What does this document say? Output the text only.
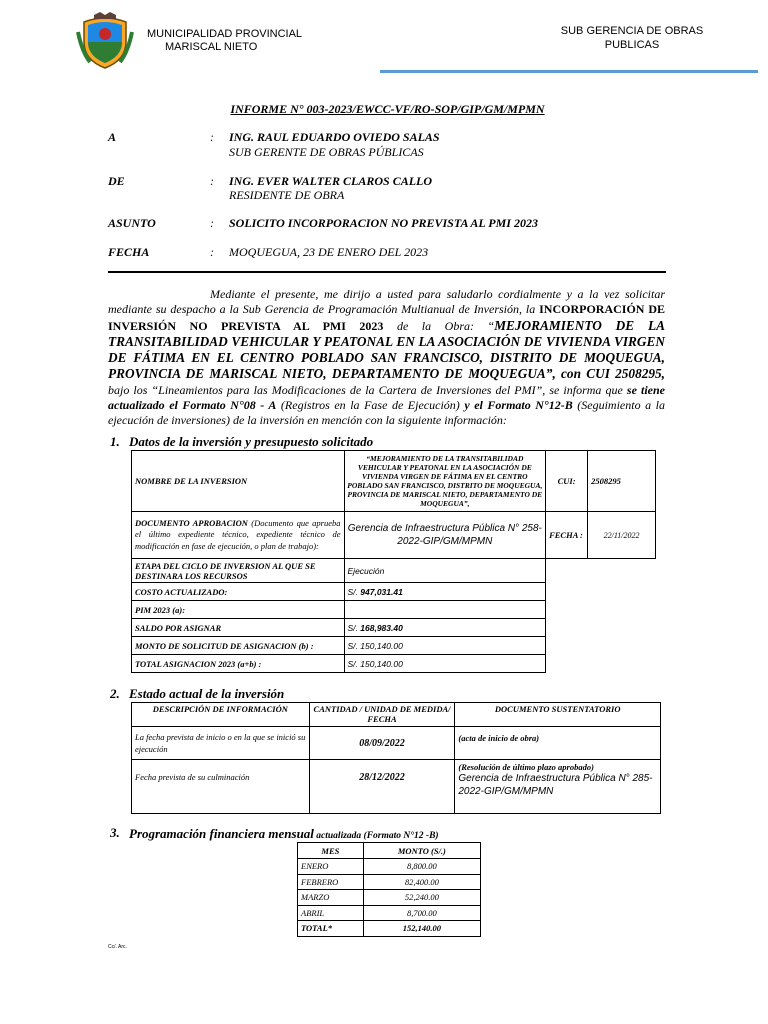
MUNICIPALIDAD PROVINCIAL
MARISCAL NIETO
SUB GERENCIA DE OBRAS
PUBLICAS
INFORME N° 003-2023/EWCC-VF/RO-SOP/GIP/GM/MPMN
A	: ING. RAUL EDUARDO OVIEDO SALAS
SUB GERENTE DE OBRAS PÚBLICAS
DE	: ING. EVER WALTER CLAROS CALLO
RESIDENTE DE OBRA
ASUNTO	: SOLICITO INCORPORACION NO PREVISTA AL PMI 2023
FECHA	: MOQUEGUA, 23 DE ENERO DEL 2023
Mediante el presente, me dirijo a usted para saludarlo cordialmente y a la vez solicitar mediante su despacho a la Sub Gerencia de Programación Multianual de Inversión, la INCORPORACIÓN DE INVERSIÓN NO PREVISTA AL PMI 2023 de la Obra: “MEJORAMIENTO DE LA TRANSITABILIDAD VEHICULAR Y PEATONAL EN LA ASOCIACIÓN DE VIVIENDA VIRGEN DE FÁTIMA EN EL CENTRO POBLADO SAN FRANCISCO, DISTRITO DE MOQUEGUA, PROVINCIA DE MARISCAL NIETO, DEPARTAMENTO DE MOQUEGUA”, con CUI 2508295, bajo los “Lineamientos para las Modificaciones de la Cartera de Inversiones del PMI”, se informa que se tiene actualizado el Formato N°08 - A (Registros en la Fase de Ejecución) y el Formato N°12-B (Seguimiento a la ejecución de inversiones) de la inversión en mención con la siguiente información:
1. Datos de la inversión y presupuesto solicitado
NOMBRE DE LA INVERSION	“MEJORAMIENTO DE LA TRANSITABILIDAD VEHICULAR Y PEATONAL EN LA ASOCIACIÓN DE VIVIENDA VIRGEN DE FÁTIMA EN EL CENTRO POBLADO SAN FRANCISCO, DISTRITO DE MOQUEGUA, PROVINCIA DE MARISCAL NIETO, DEPARTAMENTO DE MOQUEGUA”,	CUI:	2508295
DOCUMENTO APROBACION (Documento que aprueba el último expediente técnico, expediente técnico de modificación en fase de ejecución, o plan de trabajo):	Gerencia de Infraestructura Pública N° 258-2022-GIP/GM/MPMN	FECHA :	22/11/2022
ETAPA DEL CICLO DE INVERSION AL QUE SE DESTINARA LOS RECURSOS	Ejecución		
COSTO ACTUALIZADO:	S/. 947,031.41		
PIM 2023 (a):			
SALDO POR ASIGNAR	S/. 168,983.40		
MONTO DE SOLICITUD DE ASIGNACION (b) :	S/. 150,140.00		
TOTAL ASIGNACION 2023 (a+b) :	S/. 150,140.00		
2. Estado actual de la inversión
DESCRIPCIÓN DE INFORMACIÓN	CANTIDAD / UNIDAD DE MEDIDA/ FECHA	DOCUMENTO SUSTENTATORIO
La fecha prevista de inicio o en la que se inició su ejecución	08/09/2022	(acta de inicio de obra)

Fecha prevista de su culminación	28/12/2022	(Resolución de último plazo aprobado)
Gerencia de Infraestructura Pública N° 285-2022-GIP/GM/MPMN
3. Programación financiera mensual actualizada (Formato N°12 -B)
MES	MONTO (S/.)
ENERO	8,800.00
FEBRERO	82,400.00
MARZO	52,240.00
ABRIL	8,700.00
TOTAL*	152,140.00
Cc/. Arc.
